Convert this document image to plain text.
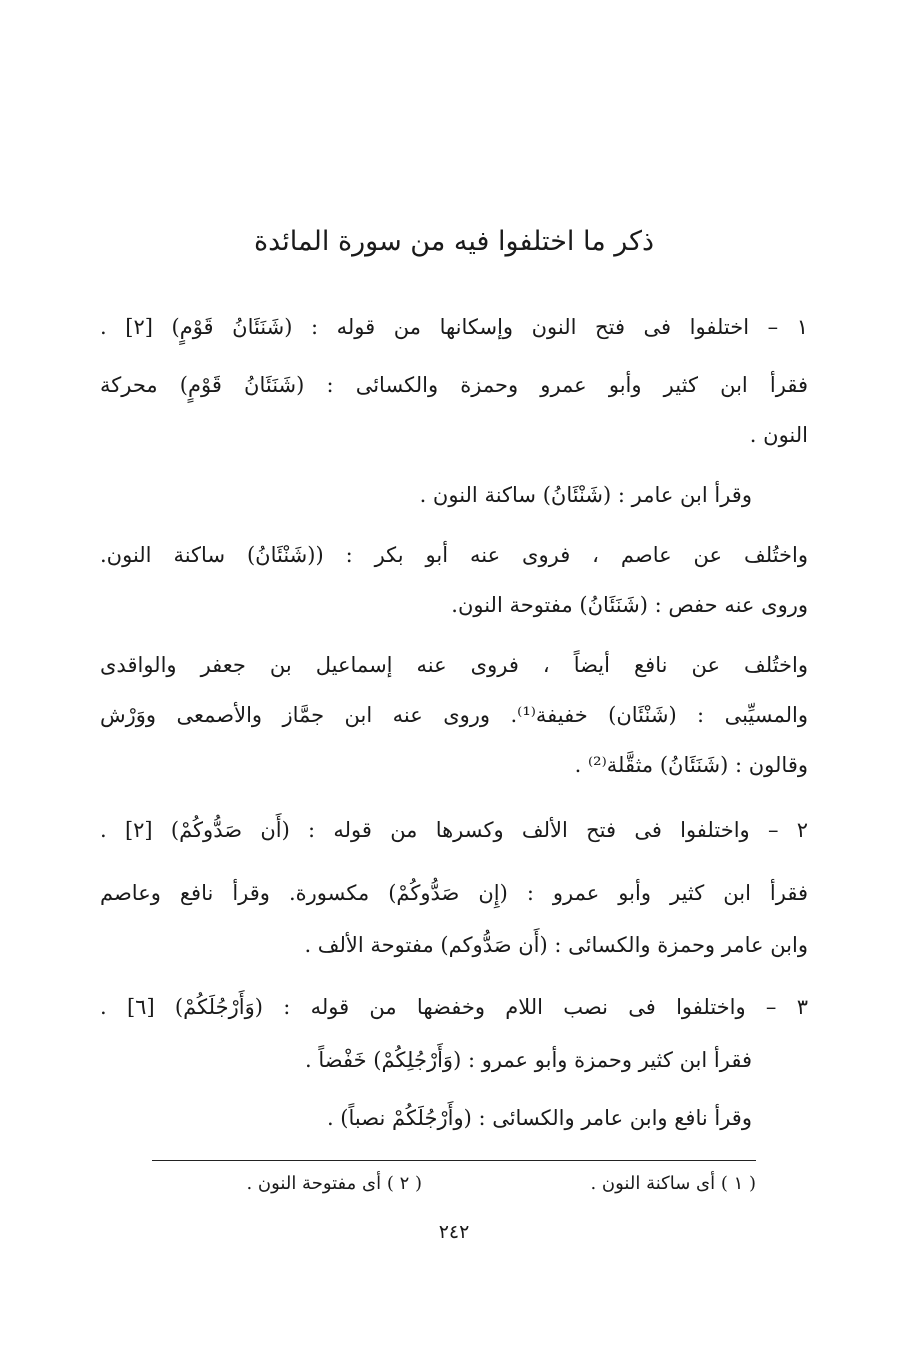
ذكر ما اختلفوا فيه من سورة المائدة
١ – اختلفوا فى فتح النون وإسكانها من قوله : (شَنَئَانُ قَوْمٍ) [٢] .
فقرأ ابن كثير وأبو عمرو وحمزة والكسائى : (شَنَئَانُ قَوْمٍ) محركة
النون .
وقرأ ابن عامر : (شَنْئَانُ) ساكنة النون .
واختُلف عن عاصم ، فروى عنه أبو بكر : ((شَنْئَانُ) ساكنة النون.
وروى عنه حفص : (شَنَئَانُ) مفتوحة النون.
واختُلف عن نافع أيضاً ، فروى عنه إسماعيل بن جعفر والواقدى
والمسيِّبى : (شَنْئَان) خفيفة⁽¹⁾. وروى عنه ابن جمَّاز والأصمعى ووَرْش
وقالون : (شَنَئَانُ) مثقَّلة⁽²⁾ .
٢ – واختلفوا فى فتح الألف وكسرها من قوله : (أَن صَدُّوكُمْ) [٢] .
فقرأ ابن كثير وأبو عمرو : (إِن صَدُّوكُمْ) مكسورة. وقرأ نافع وعاصم
وابن عامر وحمزة والكسائى : (أَن صَدُّوكم) مفتوحة الألف .
٣ – واختلفوا فى نصب اللام وخفضها من قوله : (وَأَرْجُلَكُمْ) [٦] .
فقرأ ابن كثير وحمزة وأبو عمرو : (وَأَرْجُلِكُمْ) خَفْضاً .
وقرأ نافع وابن عامر والكسائى : (وأَرْجُلَكُمْ نصباً) .
( ١ ) أى ساكنة النون .
( ٢ ) أى مفتوحة النون .
٢٤٢
